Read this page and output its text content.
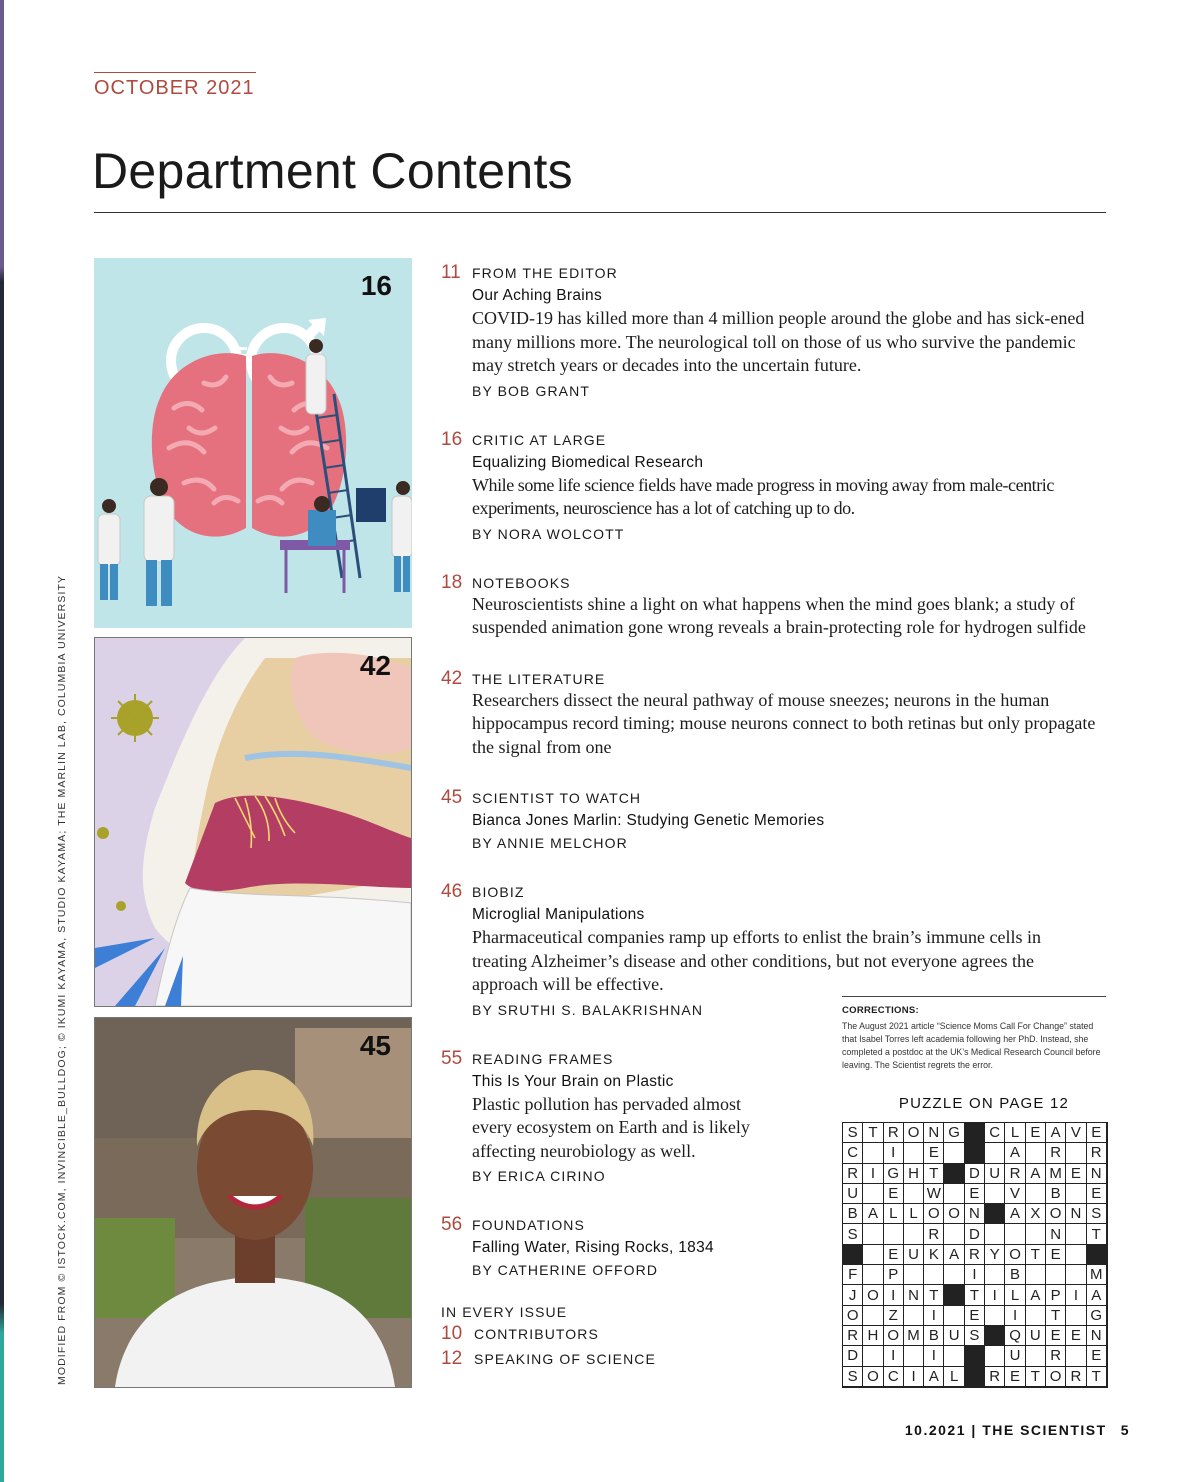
OCTOBER 2021
Department Contents
MODIFIED FROM © ISTOCK.COM, INVINCIBLE_BULLDOG; © IKUMI KAYAMA, STUDIO KAYAMA; THE MARLIN LAB, COLUMBIA UNIVERSITY
16
42
45
11 FROM THE EDITOR
Our Aching Brains
COVID-19 has killed more than 4 million people around the globe and has sick-ened many millions more. The neurological toll on those of us who survive the pandemic may stretch years or decades into the uncertain future.
BY BOB GRANT
16 CRITIC AT LARGE
Equalizing Biomedical Research
While some life science fields have made progress in moving away from male-centric experiments, neuroscience has a lot of catching up to do.
BY NORA WOLCOTT
18 NOTEBOOKS
Neuroscientists shine a light on what happens when the mind goes blank; a study of suspended animation gone wrong reveals a brain-protecting role for hydrogen sulfide
42 THE LITERATURE
Researchers dissect the neural pathway of mouse sneezes; neurons in the human hippocampus record timing; mouse neurons connect to both retinas but only propagate the signal from one
45 SCIENTIST TO WATCH
Bianca Jones Marlin: Studying Genetic Memories
BY ANNIE MELCHOR
46 BIOBIZ
Microglial Manipulations
Pharmaceutical companies ramp up efforts to enlist the brain’s immune cells in treating Alzheimer’s disease and other conditions, but not everyone agrees the approach will be effective.
BY SRUTHI S. BALAKRISHNAN
55 READING FRAMES
This Is Your Brain on Plastic
Plastic pollution has pervaded almost every ecosystem on Earth and is likely affecting neurobiology as well.
BY ERICA CIRINO
56 FOUNDATIONS
Falling Water, Rising Rocks, 1834
BY CATHERINE OFFORD
IN EVERY ISSUE
10 CONTRIBUTORS
12 SPEAKING OF SCIENCE
CORRECTIONS:
The August 2021 article “Science Moms Call For Change” stated that Isabel Torres left academia following her PhD. Instead, she completed a postdoc at the UK’s Medical Research Council before leaving. The Scientist regrets the error.
PUZZLE ON PAGE 12
S T R O N G	C L E A V E
C	I	E	A	R	R
R I G H T	D U R A M E N
U	E	W	E	V	B	E
B A L L O O N	A X O N S
S	R	D	N	T
E U K A R Y O T E
F	P	I	B	M
J O I N T	T I L A P I A
O	Z	I	E	I	T	G
R H O M B U S	Q U E E N
D	I	I	U	R	E
S O C I A L	R E T O R T
10.2021 | THE SCIENTIST 5
